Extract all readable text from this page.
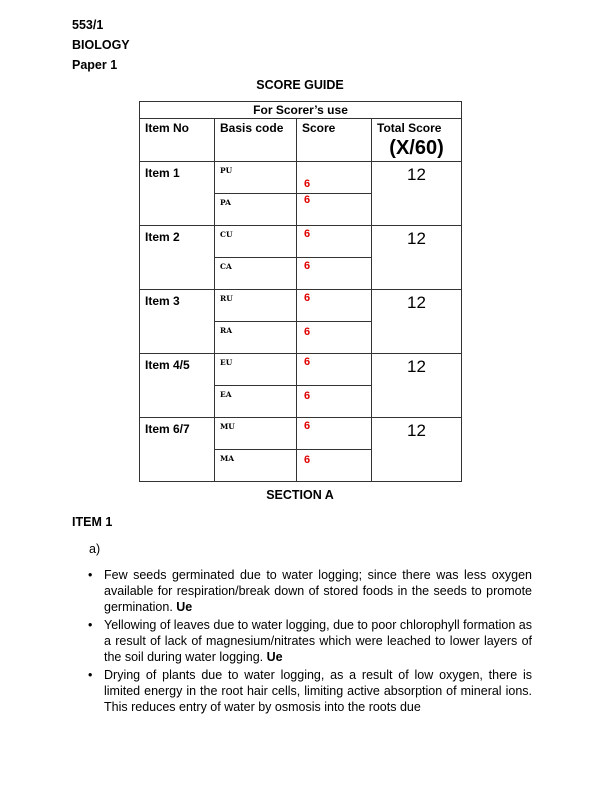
553/1
BIOLOGY
Paper 1
SCORE GUIDE
For Scorer’s use			
Item No	Basis code	Score	Total Score
(X/60)

Item 1	PU	6	12
	PA	6	

Item 2	CU	6	12
	CA	6	

Item 3	RU	6	12
	RA	6	

Item 4/5	EU	6	12
	EA	6	

Item 6/7	MU	6	12
	MA	6	
SECTION A
ITEM 1
a)
• Few seeds germinated due to water logging; since there was less oxygen available for respiration/break down of stored foods in the seeds to promote germination. Ue
• Yellowing of leaves due to water logging, due to poor chlorophyll formation as a result of lack of magnesium/nitrates which were leached to lower layers of the soil during water logging. Ue
• Drying of plants due to water logging, as a result of low oxygen, there is limited energy in the root hair cells, limiting active absorption of mineral ions. This reduces entry of water by osmosis into the roots due
